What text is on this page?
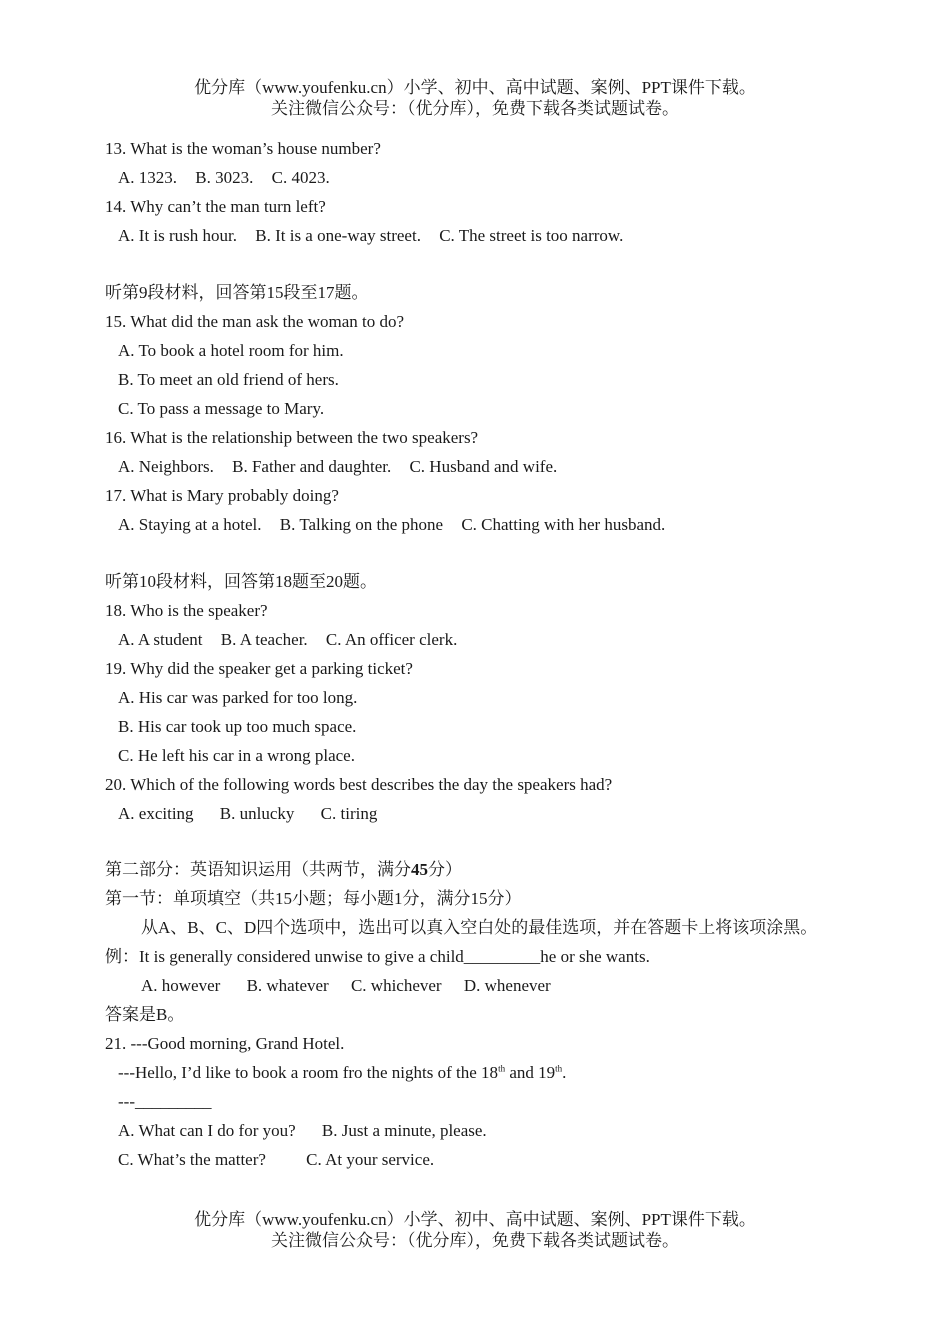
优分库（www.youfenku.cn）小学、初中、高中试题、案例、PPT课件下载。
关注微信公众号：（优分库），免费下载各类试题试卷。
13. What is the woman’s house number?
A. 1323. B. 3023. C. 4023.
14. Why can’t the man turn left?
A. It is rush hour. B. It is a one-way street. C. The street is too narrow.
听第9段材料，回答第15段至17题。
15. What did the man ask the woman to do?
A. To book a hotel room for him.
B. To meet an old friend of hers.
C. To pass a message to Mary.
16. What is the relationship between the two speakers?
A. Neighbors. B. Father and daughter. C. Husband and wife.
17. What is Mary probably doing?
A. Staying at a hotel. B. Talking on the phone C. Chatting with her husband.
听第10段材料，回答第18题至20题。
18. Who is the speaker?
A. A student B. A teacher. C. An officer clerk.
19. Why did the speaker get a parking ticket?
A. His car was parked for too long.
B. His car took up too much space.
C. He left his car in a wrong place.
20. Which of the following words best describes the day the speakers had?
A. exciting B. unlucky C. tiring
第二部分：英语知识运用（共两节，满分45分）
第一节：单项填空（共15小题；每小题1分，满分15分）
从A、B、C、D四个选项中，选出可以真入空白处的最佳选项，并在答题卡上将该项涂黑。
例：It is generally considered unwise to give a child_________he or she wants.
A. however B. whatever C. whichever D. whenever
答案是B。
21. ---Good morning, Grand Hotel.
---Hello, I’d like to book a room fro the nights of the 18th and 19th.
---_________
A. What can I do for you? B. Just a minute, please.
C. What’s the matter? C. At your service.
优分库（www.youfenku.cn）小学、初中、高中试题、案例、PPT课件下载。
关注微信公众号：（优分库），免费下载各类试题试卷。
